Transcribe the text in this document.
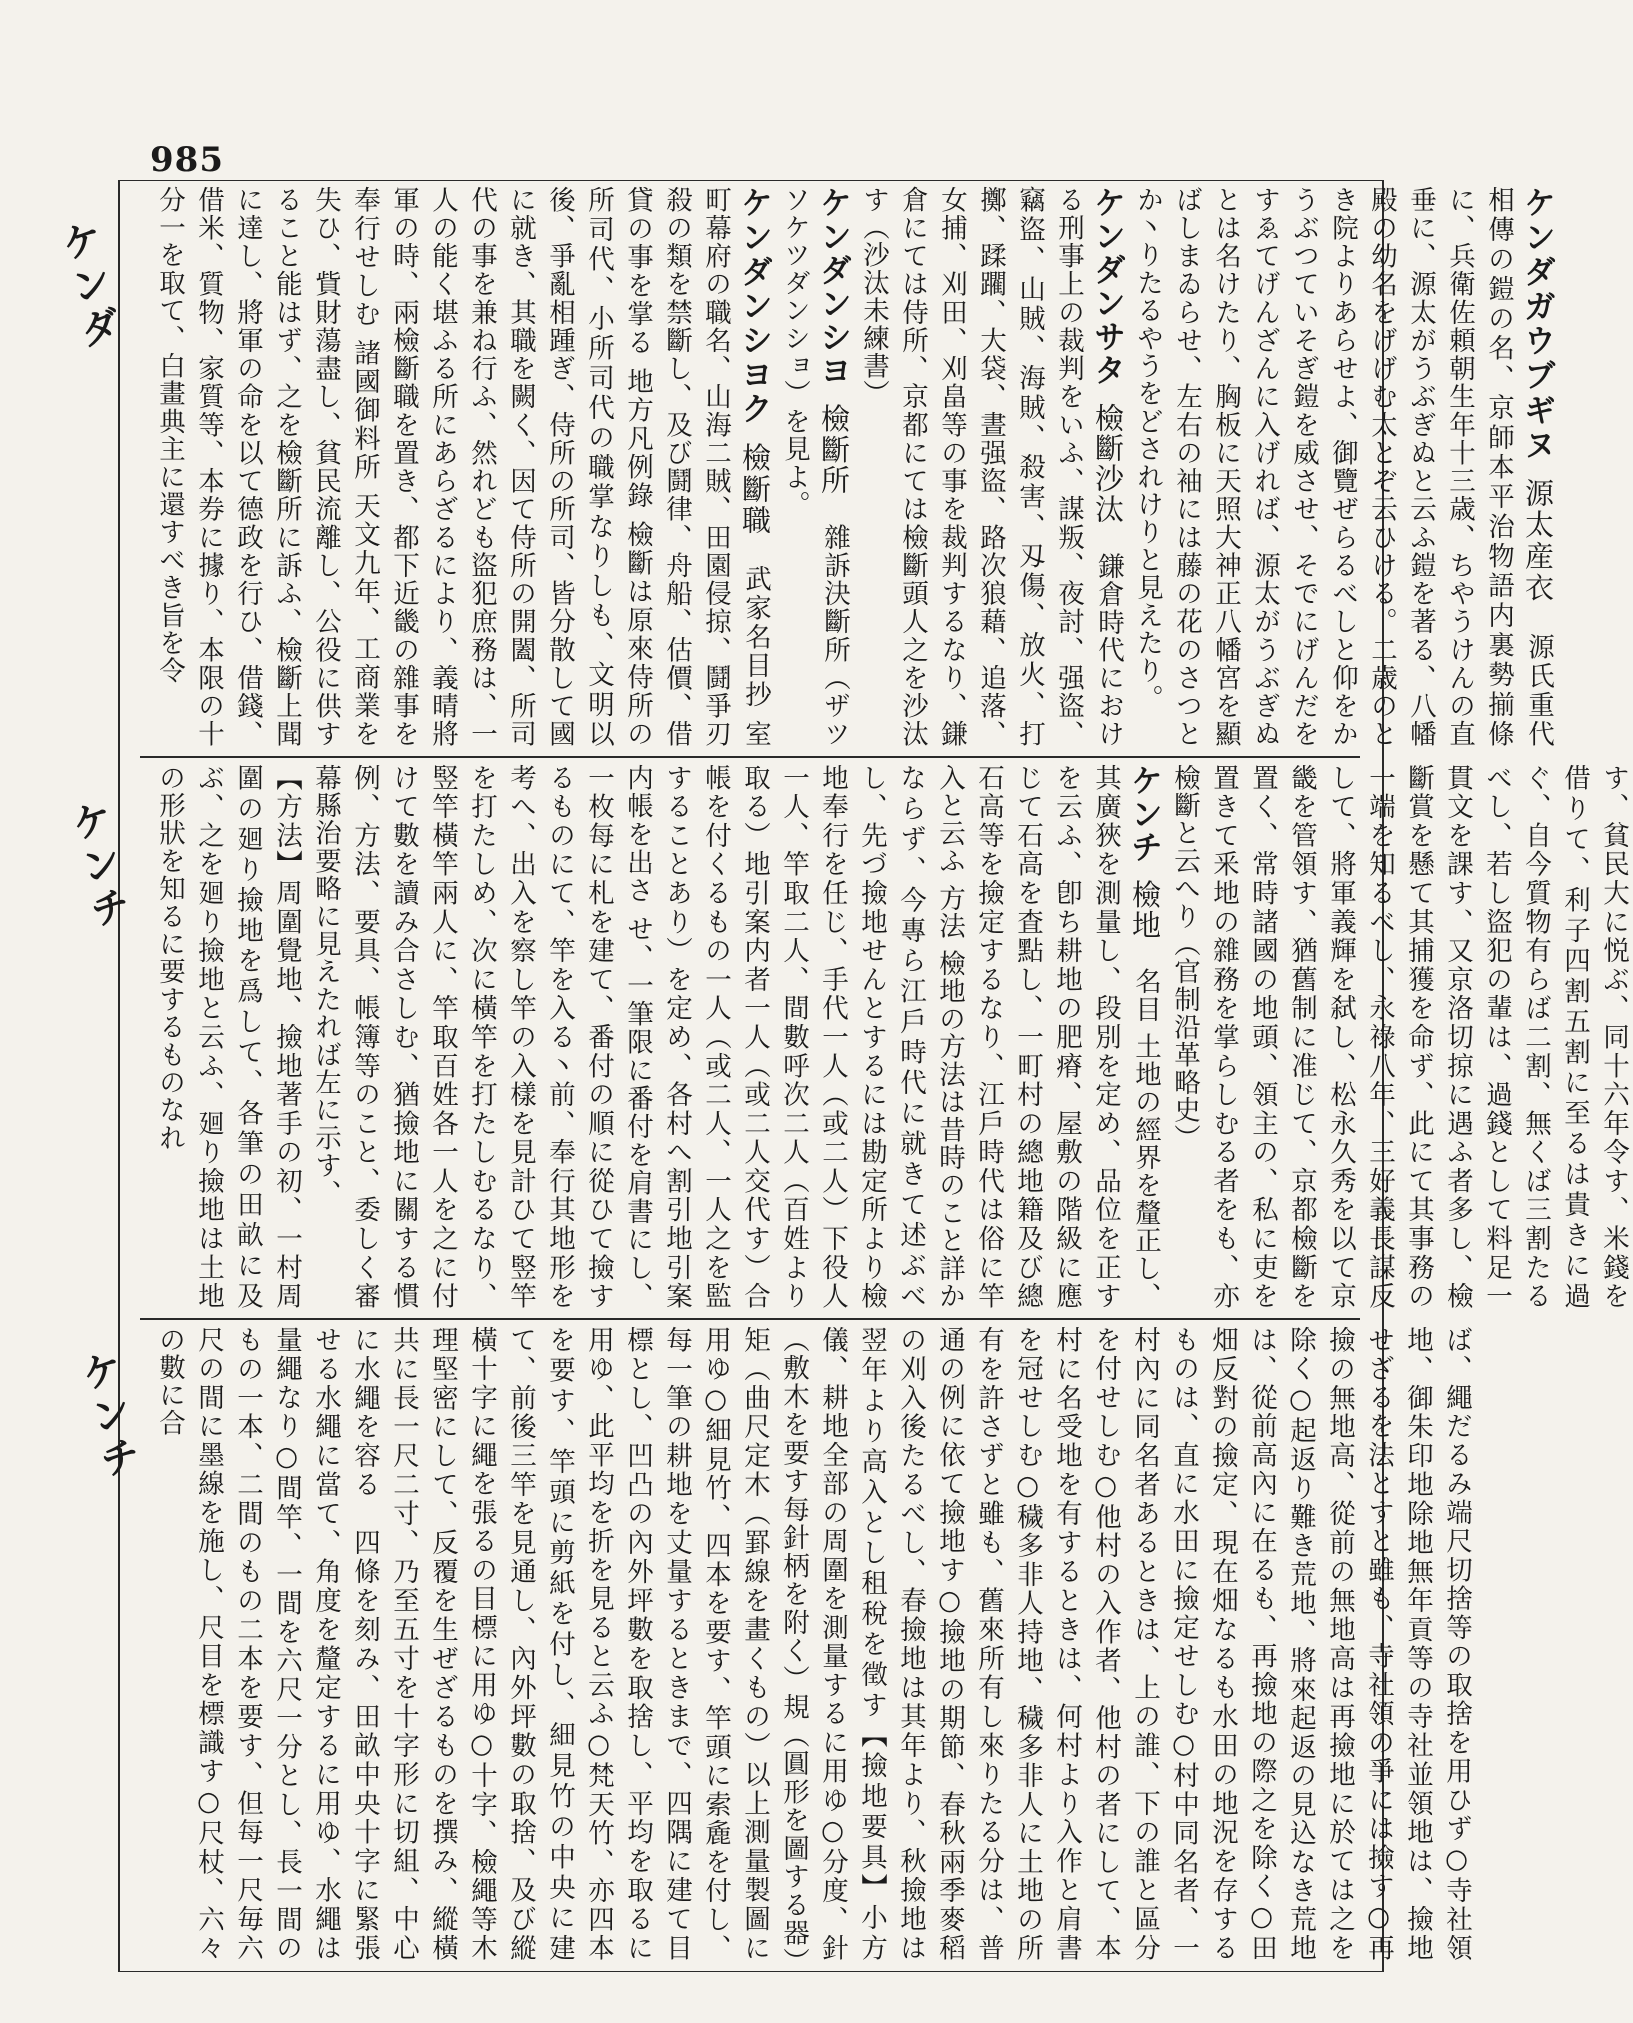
985
ケンダ
ケンチ
ケンチ
ケンダガウブギヌ源太産衣　源氏重代相傳の鎧の名、京師本平治物語内裏勢揃條に、兵衛佐頼朝生年十三歳、ちやうけんの直垂に、源太がうぶぎぬと云ふ鎧を著る、八幡殿の幼名をげげむ太とぞ云ひける。二歳のとき院よりあらせよ、御覽ぜらるべしと仰をかうぶつていそぎ鎧を威させ、そでにげんだをすゑてげんざんに入げれば、源太がうぶぎぬとは名けたり、胸板に天照大神正八幡宮を顯ばしまゐらせ、左右の袖には藤の花のさつとか丶りたるやうをどされけりと見えたり。
ケンダンサタ檢斷沙汰　鎌倉時代における刑事上の裁判をいふ、謀叛、夜討、强盜、竊盜、山賊、海賊、殺害、刄傷、放火、打擲、蹂躙、大袋、晝强盜、路次狼藉、追落、女捕、刈田、刈畠等の事を裁判するなり、鎌倉にては侍所、京都にては檢斷頭人之を沙汰す（沙汰未練書）
ケンダンシヨ檢斷所　雜訴決斷所（ザツソケツダンショ）を見よ。
ケンダンシヨク檢斷職　武家名目抄 室町幕府の職名、山海二賊、田園侵掠、鬪爭刃殺の類を禁斷し、及び鬪律、舟船、估價、借貸の事を掌る 地方凡例錄 檢斷は原來侍所の所司代、小所司代の職掌なりしも、文明以後、爭亂相踵ぎ、侍所の所司、皆分散して國に就き、其職を闕く、因て侍所の開闔、所司代の事を兼ね行ふ、然れども盜犯庶務は、一人の能く堪ふる所にあらざるにより、義晴將軍の時、兩檢斷職を置き、都下近畿の雜事を奉行せしむ 諸國御料所 天文九年、工商業を失ひ、貲財蕩盡し、貧民流離し、公役に供すること能はず、之を檢斷所に訴ふ、檢斷上聞に達し、將軍の命を以て德政を行ひ、借錢、借米、質物、家質等、本券に據り、本限の十分一を取て、白畫典主に還すべき旨を令
す、貧民大に悦ぶ、同十六年令す、米錢を借りて、利子四割五割に至るは貴きに過ぐ、自今質物有らば二割、無くば三割たるべし、若し盜犯の輩は、過錢として料足一貫文を課す、又京洛切掠に遇ふ者多し、檢斷賞を懸て其捕獲を命ず、此にて其事務の一端を知るべし、永祿八年、三好義長謀反して、將軍義輝を弑し、松永久秀を以て京畿を管領す、猶舊制に准じて、京都檢斷を置く、常時諸國の地頭、領主の、私に吏を置きて釆地の雜務を掌らしむる者をも、亦檢斷と云へり（官制沿革略史）
ケンチ檢地　名目 土地の經界を釐正し、其廣狹を測量し、段別を定め、品位を正すを云ふ、卽ち耕地の肥瘠、屋敷の階級に應じて石高を査點し、一町村の總地籍及び總石高等を撿定するなり、江戶時代は俗に竿入と云ふ 方法 檢地の方法は昔時のこと詳かならず、今專ら江戶時代に就きて述ぶべし、先づ撿地せんとするには勘定所より檢地奉行を任じ、手代一人（或二人）下役人一人、竿取二人、間數呼次二人（百姓より取る）地引案内者一人（或二人交代す）合帳を付くるもの一人（或二人、一人之を監することあり）を定め、各村へ割引地引案内帳を出さ せ、一筆限に番付を肩書にし、一枚每に札を建て、番付の順に從ひて撿するものにて、竿を入る丶前、奉行其地形を考へ、出入を察し竿の入樣を見計ひて竪竿を打たしめ、次に橫竿を打たしむるなり、竪竿橫竿兩人に、竿取百姓各一人を之に付けて數を讀み合さしむ、猶撿地に關する慣例、方法、要具、帳簿等のこと、委しく審幕縣治要略に見えたれば左に示す、
【方法】周圍覺地、撿地著手の初、一村周圍の廻り撿地を爲して、各筆の田畝に及ぶ、之を廻り撿地と云ふ、廻り撿地は土地の形狀を知るに要するものなれ
ば、繩だるみ端尺切捨等の取捨を用ひず○寺社領地、御朱印地除地無年貢等の寺社並領地は、撿地せざるを法とすと雖も、寺社領の爭には撿す○再撿の無地高、從前の無地高は再撿地に於ては之を除く○起返り難き荒地、將來起返の見込なき荒地は、從前高內に在るも、再撿地の際之を除く○田畑反對の撿定、現在畑なるも水田の地況を存するものは、直に水田に撿定せしむ○村中同名者、一村內に同名者あるときは、上の誰、下の誰と區分を付せしむ○他村の入作者、他村の者にして、本村に名受地を有するときは、何村より入作と肩書を冠せしむ○穢多非人持地、穢多非人に土地の所有を許さずと雖も、舊來所有し來りたる分は、普通の例に依て撿地す○撿地の期節、春秋兩季麥稻の刈入後たるべし、春撿地は其年より、秋撿地は翌年より高入とし租稅を徵す【撿地要具】小方儀、耕地全部の周圍を測量するに用ゆ○分度、針（敷木を要す每針柄を附く）規（圓形を圖する器）矩（曲尺定木（罫線を畫くもの）以上測量製圖に用ゆ○細見竹、四本を要す、竿頭に索麁を付し、每一筆の耕地を丈量するときまで、四隅に建て目標とし、凹凸の內外坪數を取捨し、平均を取るに用ゆ、此平均を折を見ると云ふ○梵天竹、亦四本を要す、竿頭に剪紙を付し、細見竹の中央に建て、前後三竿を見通し、內外坪數の取捨、及び縱橫十字に繩を張るの目標に用ゆ○十字、檢繩等木理堅密にして、反覆を生ぜざるものを撰み、縱橫共に長一尺二寸、乃至五寸を十字形に切組、中心に水繩を容る　四條を刻み、田畝中央十字に緊張せる水繩に當て、角度を釐定するに用ゆ、水繩は量繩なり○間竿、一間を六尺一分とし、長一間のもの一本、二間のもの二本を要す、但每一尺毎六尺の間に墨線を施し、尺目を標識す○尺杖、六々の數に合
